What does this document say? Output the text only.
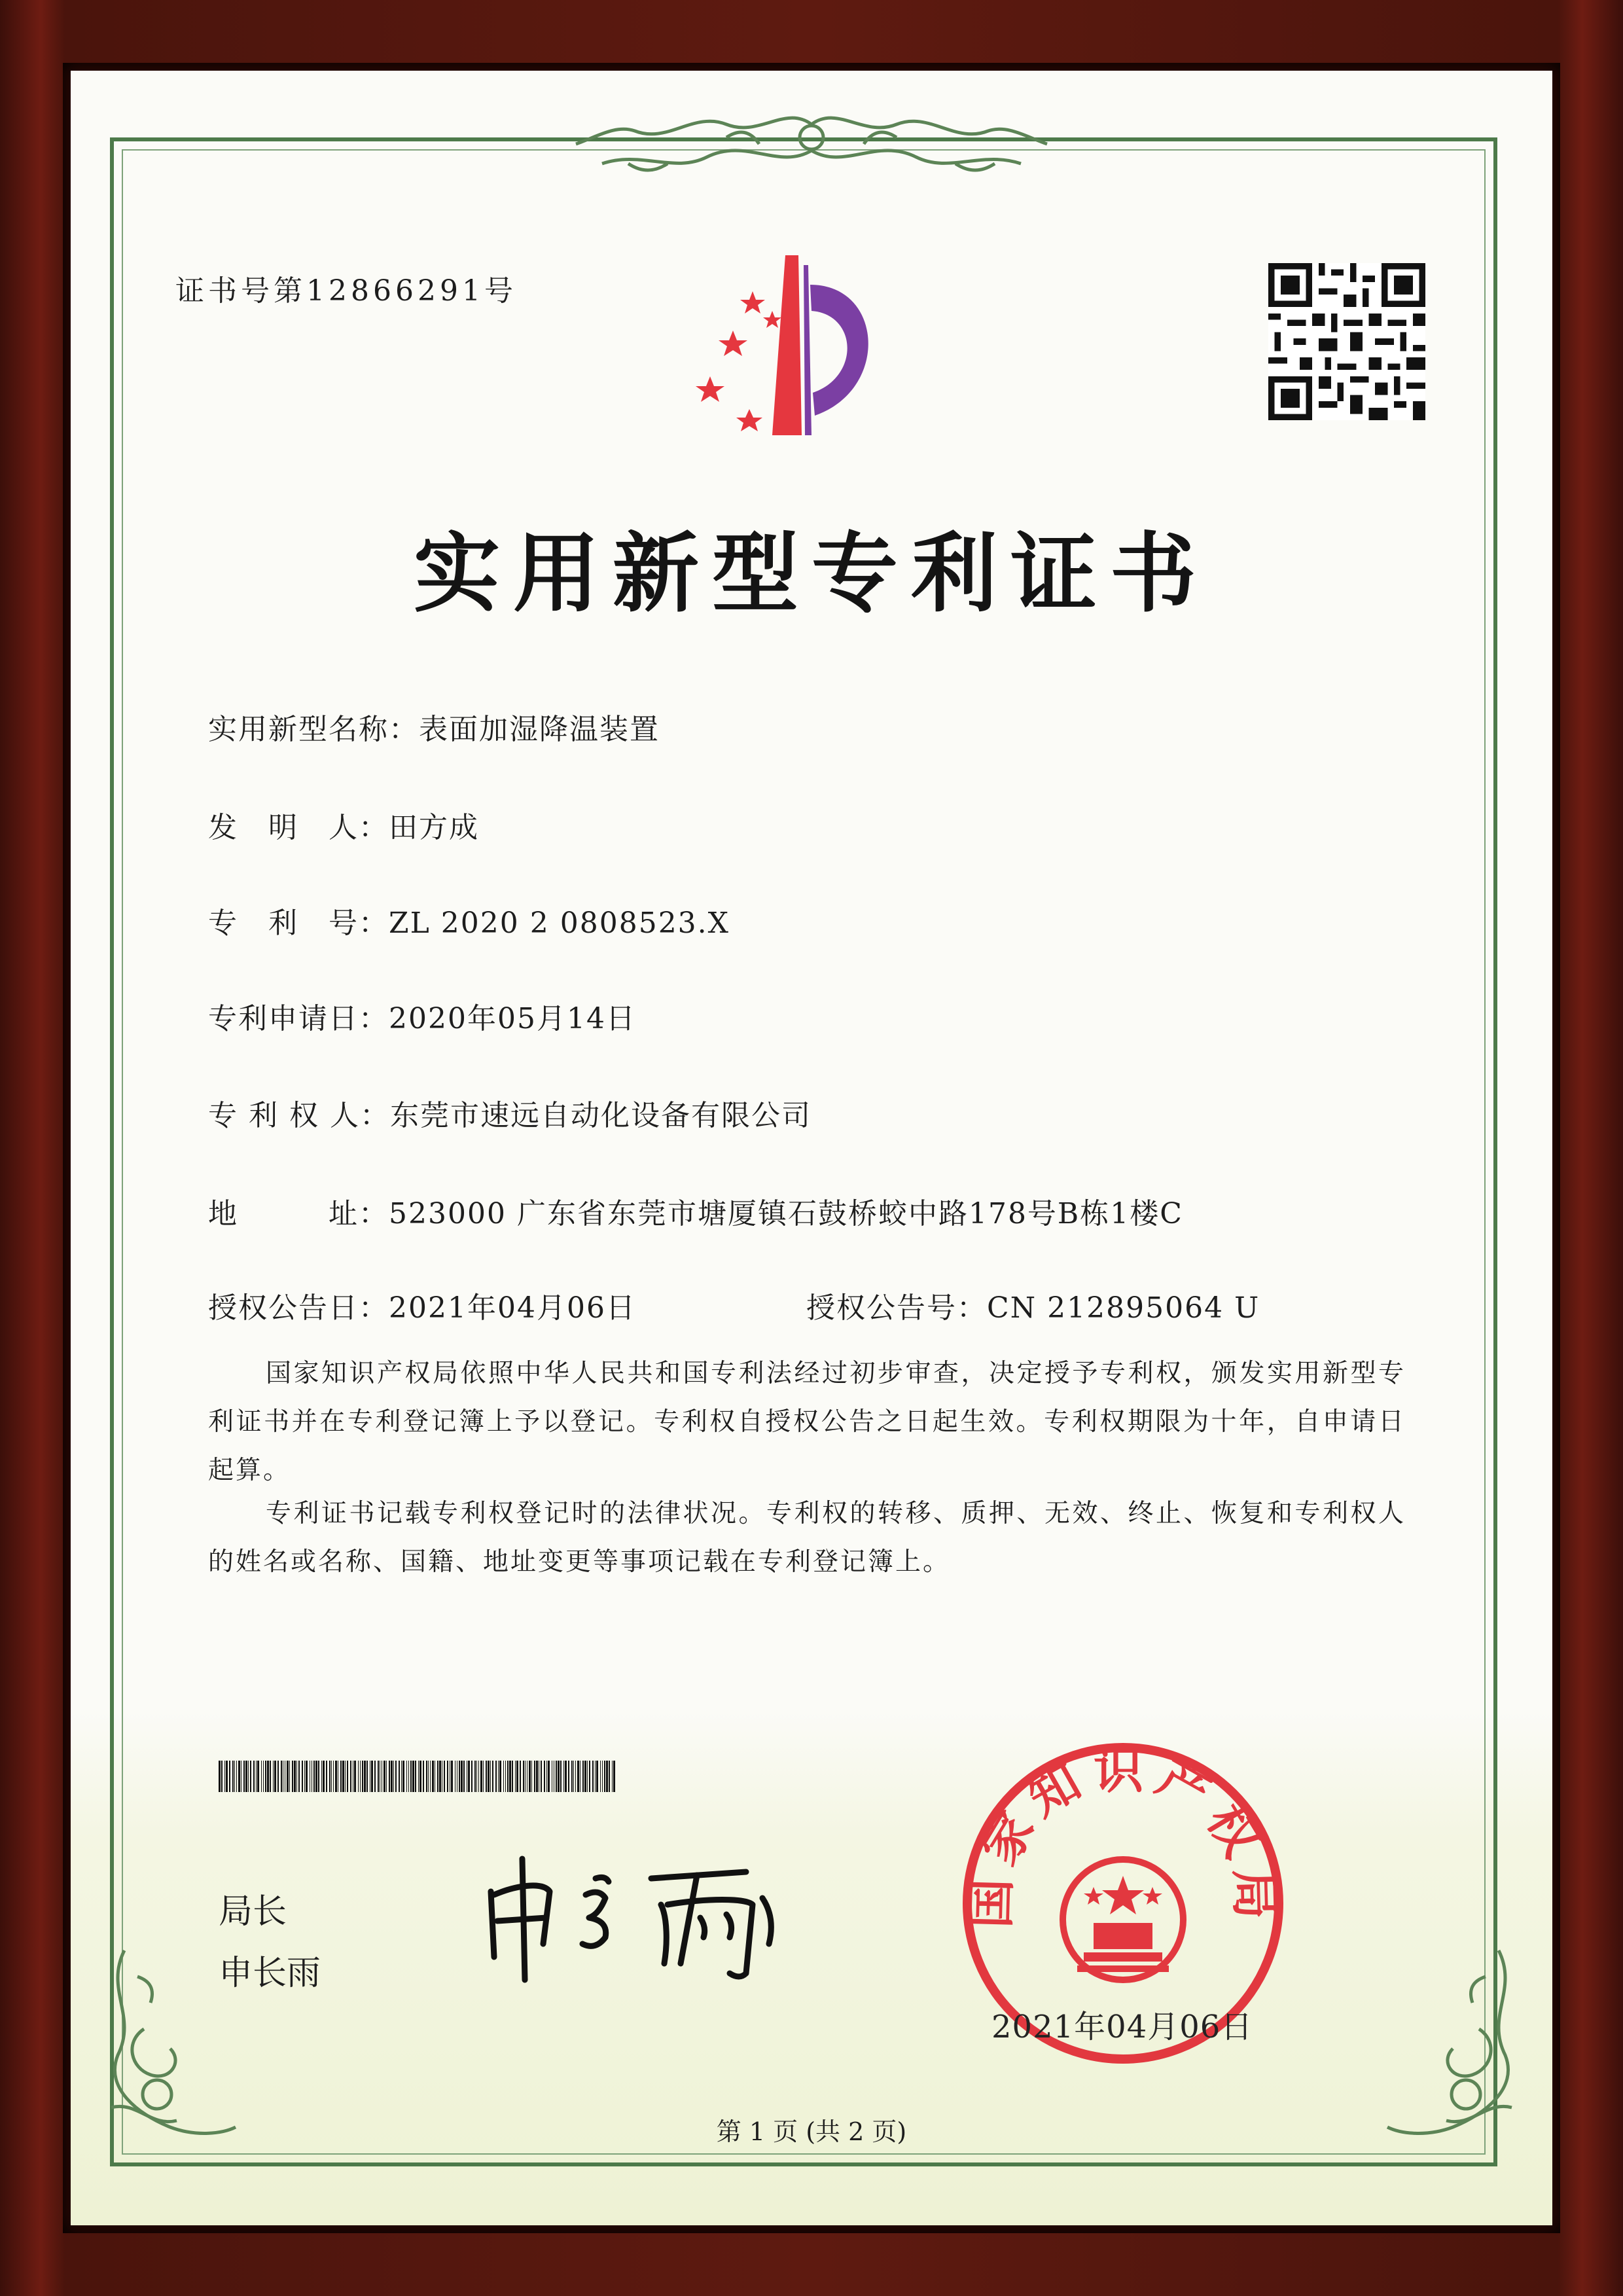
证书号第12866291号
实用新型专利证书
实用新型名称：表面加湿降温装置
发　明　人：田方成
专　利　号：ZL 2020 2 0808523.X
专利申请日：2020年05月14日
专 利 权 人：东莞市速远自动化设备有限公司
地　　　址：523000 广东省东莞市塘厦镇石鼓桥蛟中路178号B栋1楼C
授权公告日：2021年04月06日	授权公告号：CN 212895064 U
国家知识产权局依照中华人民共和国专利法经过初步审查，决定授予专利权，颁发实用新型专利证书并在专利登记簿上予以登记。专利权自授权公告之日起生效。专利权期限为十年，自申请日起算。
专利证书记载专利权登记时的法律状况。专利权的转移、质押、无效、终止、恢复和专利权人的姓名或名称、国籍、地址变更等事项记载在专利登记簿上。
局长
申长雨
国家知识产权局
2021年04月06日
第 1 页 (共 2 页)
